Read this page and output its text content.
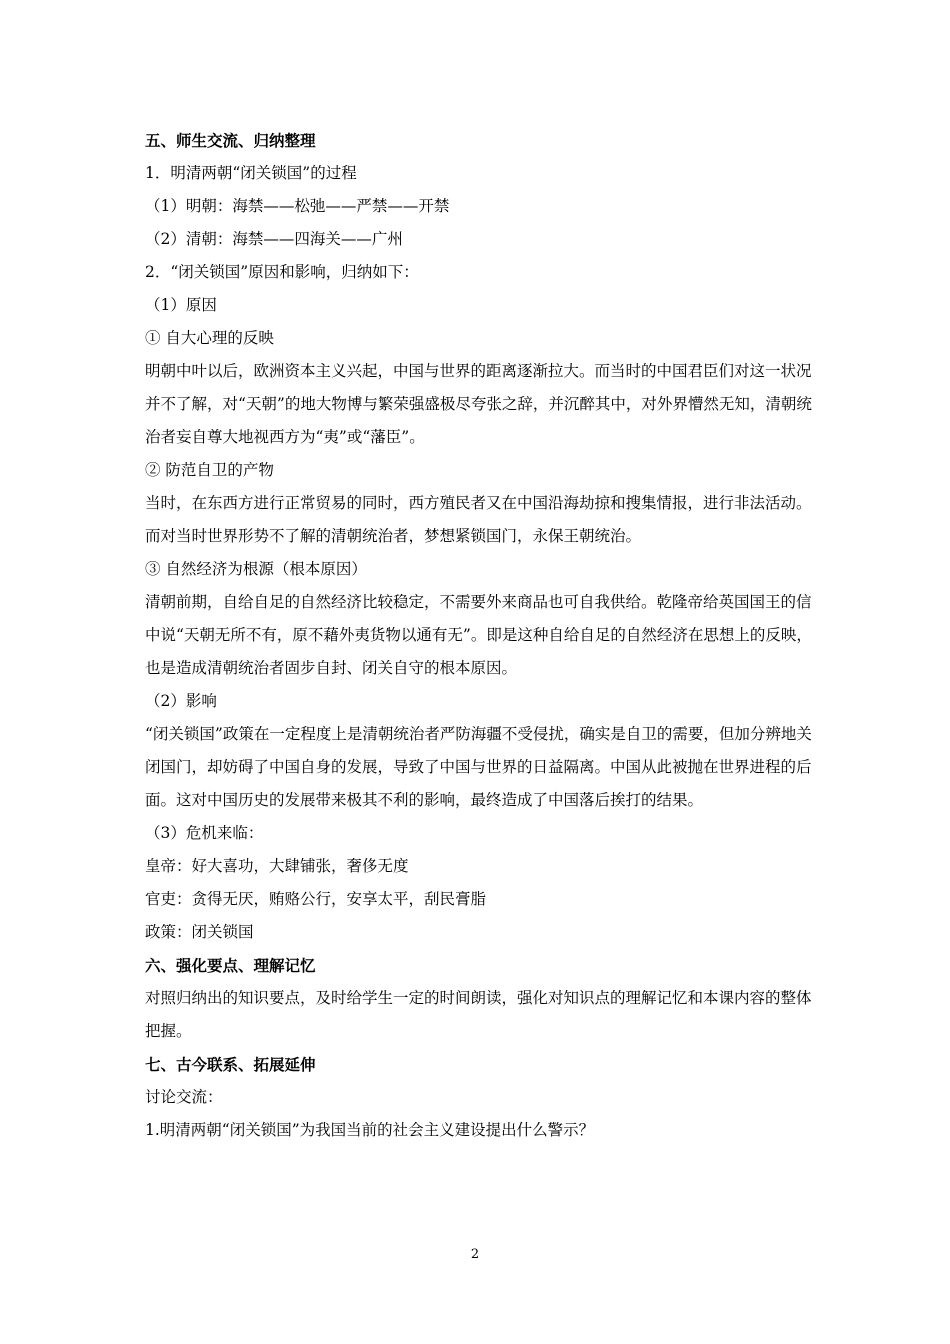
五、师生交流、归纳整理
1．明清两朝“闭关锁国”的过程
（1）明朝：海禁——松弛——严禁——开禁
（2）清朝：海禁——四海关——广州
2．“闭关锁国”原因和影响，归纳如下：
（1）原因
① 自大心理的反映
明朝中叶以后，欧洲资本主义兴起，中国与世界的距离逐渐拉大。而当时的中国君臣们对这一状况并不了解，对“天朝”的地大物博与繁荣强盛极尽夸张之辞，并沉醉其中，对外界懵然无知，清朝统治者妄自尊大地视西方为“夷”或“藩臣”。
② 防范自卫的产物
当时，在东西方进行正常贸易的同时，西方殖民者又在中国沿海劫掠和搜集情报，进行非法活动。而对当时世界形势不了解的清朝统治者，梦想紧锁国门，永保王朝统治。
③ 自然经济为根源（根本原因）
清朝前期，自给自足的自然经济比较稳定，不需要外来商品也可自我供给。乾隆帝给英国国王的信中说“天朝无所不有，原不藉外夷货物以通有无”。即是这种自给自足的自然经济在思想上的反映，也是造成清朝统治者固步自封、闭关自守的根本原因。
（2）影响
“闭关锁国”政策在一定程度上是清朝统治者严防海疆不受侵扰，确实是自卫的需要，但加分辨地关闭国门，却妨碍了中国自身的发展，导致了中国与世界的日益隔离。中国从此被抛在世界进程的后面。这对中国历史的发展带来极其不利的影响，最终造成了中国落后挨打的结果。
（3）危机来临：
皇帝：好大喜功，大肆铺张，奢侈无度
官吏：贪得无厌，贿赂公行，安享太平，刮民膏脂
政策：闭关锁国
六、强化要点、理解记忆
对照归纳出的知识要点，及时给学生一定的时间朗读，强化对知识点的理解记忆和本课内容的整体把握。
七、古今联系、拓展延伸
讨论交流：
1.明清两朝“闭关锁国”为我国当前的社会主义建设提出什么警示？
2
